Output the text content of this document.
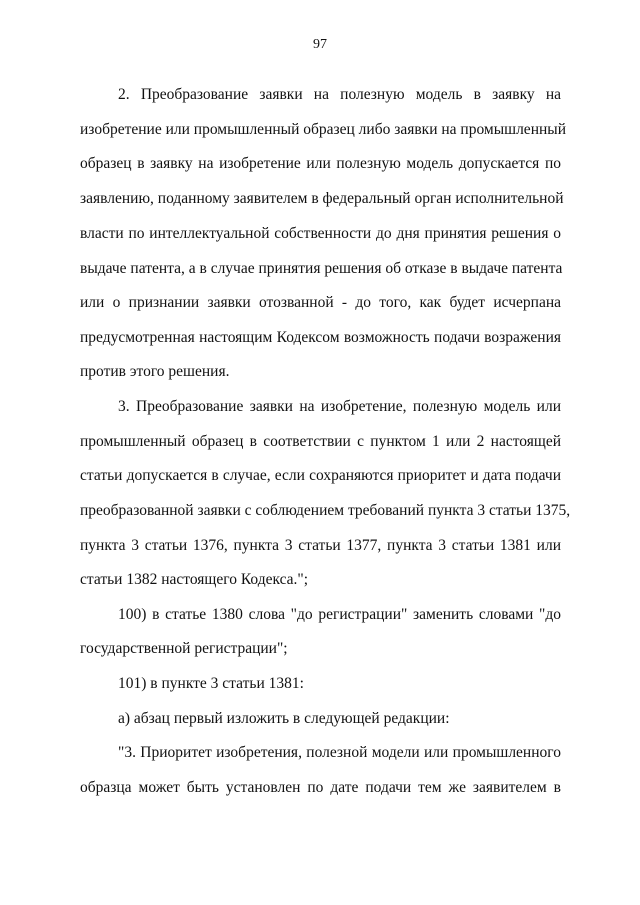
97
2. Преобразование заявки на полезную модель в заявку на
изобретение или промышленный образец либо заявки на промышленный
образец в заявку на изобретение или полезную модель допускается по
заявлению, поданному заявителем в федеральный орган исполнительной
власти по интеллектуальной собственности до дня принятия решения о
выдаче патента, а в случае принятия решения об отказе в выдаче патента
или о признании заявки отозванной - до того, как будет исчерпана
предусмотренная настоящим Кодексом возможность подачи возражения
против этого решения.
3. Преобразование заявки на изобретение, полезную модель или
промышленный образец в соответствии с пунктом 1 или 2 настоящей
статьи допускается в случае, если сохраняются приоритет и дата подачи
преобразованной заявки с соблюдением требований пункта 3 статьи 1375,
пункта 3 статьи 1376, пункта 3 статьи 1377, пункта 3 статьи 1381 или
статьи 1382 настоящего Кодекса.";
100) в статье 1380 слова "до регистрации" заменить словами "до
государственной регистрации";
101) в пункте 3 статьи 1381:
а) абзац первый изложить в следующей редакции:
"3. Приоритет изобретения, полезной модели или промышленного
образца может быть установлен по дате подачи тем же заявителем в
